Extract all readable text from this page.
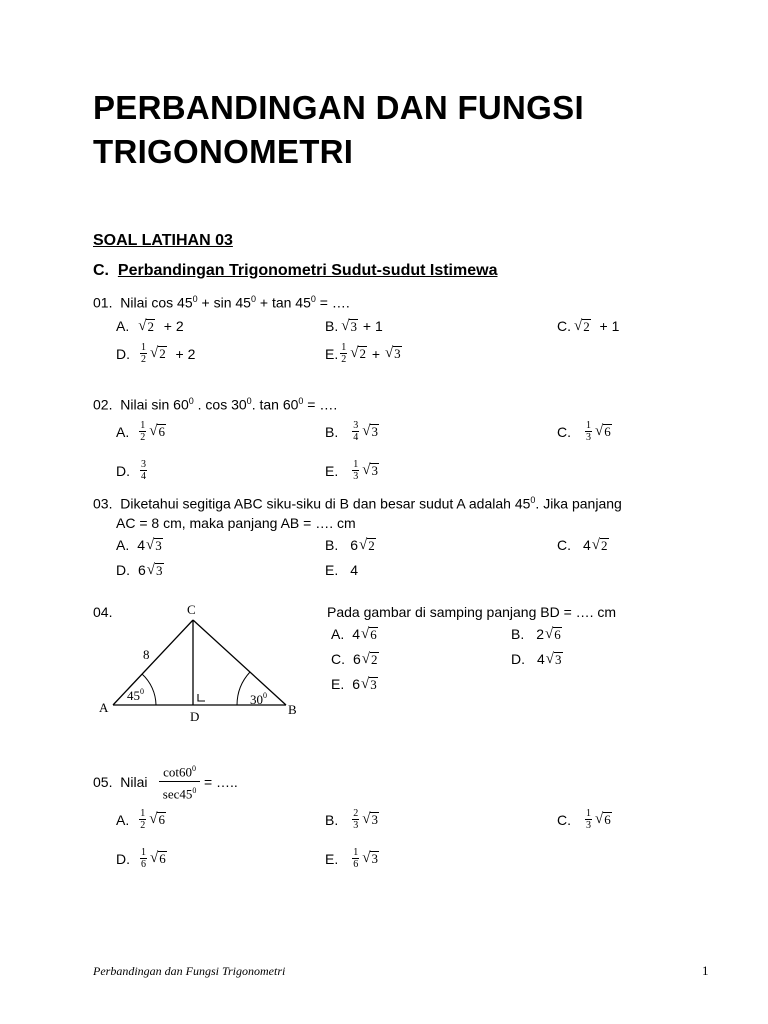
PERBANDINGAN DAN FUNGSI
TRIGONOMETRI
SOAL LATIHAN 03
C. Perbandingan Trigonometri Sudut-sudut Istimewa
01. Nilai $\cos 45^0 + \sin 45^0 + \tan 45^0$ = ….
A. √ 2
+
2	B. √ 3
+
1	C. √ 2
+
1
D. $\frac{1}{2}$ √ 2
+
2	E. $\frac{1}{2}$ √ 2
+
√ 3
02. Nilai $\sin 60^0$ . $\cos 30^0$. $\tan 60^0$ = ….
A. $\frac{1}{2}$ √ 6	B. $\frac{3}{4}$ √ 3	C. $\frac{1}{3}$ √ 6
D. $\frac{3}{4}$	E. $\frac{1}{3}$ √ 3
03. Diketahui segitiga ABC siku-siku di B dan besar sudut A adalah $45^0$. Jika panjang
AC = 8 cm, maka panjang AB = …. cm
A. 4 √ 3	B. 6 √ 2	C. 4 √ 2
D. 6 √ 3	E. 4
04.	C
A	B
D
8
$45^0$
$30^0$
Pada gambar di samping panjang BD = …. cm
A. 4 √ 6	B. 2 √ 6
C. 6 √ 2	D. 4 √ 3
E. 6 √ 3
05.
Nilai

$\cot 60^0$
$\sec 45^0$

= …..
A. $\frac{1}{2}$ √ 6	B. $\frac{2}{3}$ √ 3	C. $\frac{1}{3}$ √ 6
D. $\frac{1}{6}$ √ 6	E. $\frac{1}{6}$ √ 3
Perbandingan dan Fungsi Trigonometri	1
